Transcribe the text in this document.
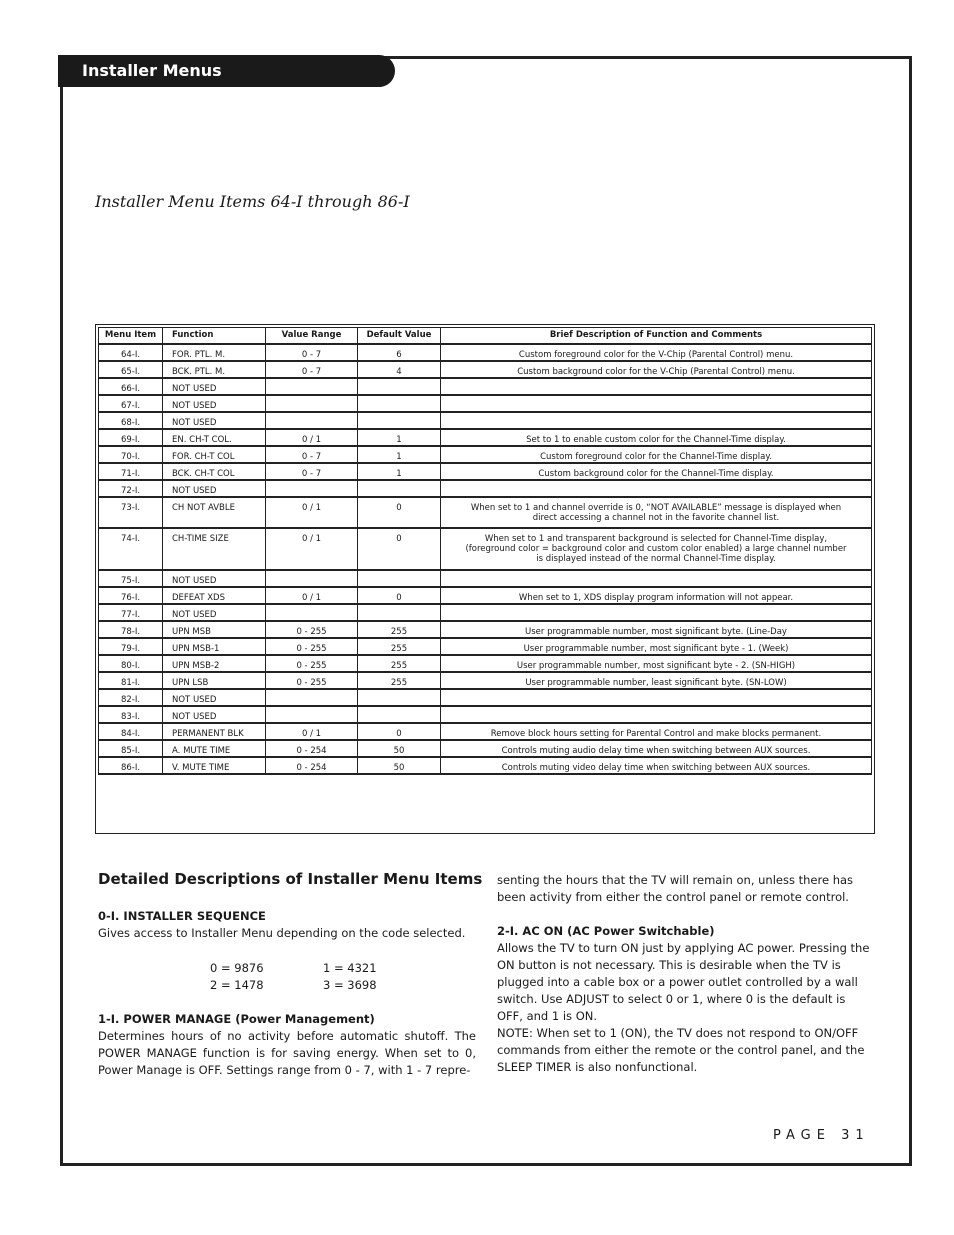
Installer Menus
Installer Menu Items 64-I through 86-I
Menu Item	Function	Value Range	Default Value	Brief Description of Function and Comments
64-I.	FOR. PTL. M.	0 - 7	6	Custom foreground color for the V-Chip (Parental Control) menu.
65-I.	BCK. PTL. M.	0 - 7	4	Custom background color for the V-Chip (Parental Control) menu.
66-I.	NOT USED			
67-I.	NOT USED			
68-I.	NOT USED			
69-I.	EN. CH-T COL.	0 / 1	1	Set to 1 to enable custom color for the Channel-Time display.
70-I.	FOR. CH-T COL	0 - 7	1	Custom foreground color for the Channel-Time display.
71-I.	BCK. CH-T COL	0 - 7	1	Custom background color for the Channel-Time display.
72-I.	NOT USED			
73-I.	CH NOT AVBLE	0 / 1	0	When set to 1 and channel override is 0, “NOT AVAILABLE” message is displayed when direct accessing a channel not in the favorite channel list.
74-I.	CH-TIME SIZE	0 / 1	0	When set to 1 and transparent background is selected for Channel-Time display, (foreground color = background color and custom color enabled) a large channel number is displayed instead of the normal Channel-Time display.
75-I.	NOT USED			
76-I.	DEFEAT XDS	0 / 1	0	When set to 1, XDS display program information will not appear.
77-I.	NOT USED			
78-I.	UPN MSB	0 - 255	255	User programmable number, most significant byte. (Line-Day
79-I.	UPN MSB-1	0 - 255	255	User programmable number, most significant byte - 1. (Week)
80-I.	UPN MSB-2	0 - 255	255	User programmable number, most significant byte - 2. (SN-HIGH)
81-I.	UPN LSB	0 - 255	255	User programmable number, least significant byte. (SN-LOW)
82-I.	NOT USED			
83-I.	NOT USED			
84-I.	PERMANENT BLK	0 / 1	0	Remove block hours setting for Parental Control and make blocks permanent.
85-I.	A. MUTE TIME	0 - 254	50	Controls muting audio delay time when switching between AUX sources.
86-I.	V. MUTE TIME	0 - 254	50	Controls muting video delay time when switching between AUX sources.
Detailed Descriptions of Installer Menu Items

0-I. INSTALLER SEQUENCE

Gives access to Installer Menu depending on the code selected.

0 = 9876	1 = 4321
2 = 1478	3 = 3698

1-I. POWER MANAGE (Power Management)

Determines hours of no activity before automatic shutoff. The POWER MANAGE function is for saving energy. When set to 0, Power Manage is OFF. Settings range from 0 - 7, with 1 - 7 repre-

senting the hours that the TV will remain on, unless there has been activity from either the control panel or remote control.

2-I. AC ON (AC Power Switchable)

Allows the TV to turn ON just by applying AC power. Pressing the ON button is not necessary. This is desirable when the TV is plugged into a cable box or a power outlet controlled by a wall switch. Use ADJUST to select 0 or 1, where 0 is the default is OFF, and 1 is ON.

NOTE: When set to 1 (ON), the TV does not respond to ON/OFF commands from either the remote or the control panel, and the SLEEP TIMER is also nonfunctional.

PAGE 31
